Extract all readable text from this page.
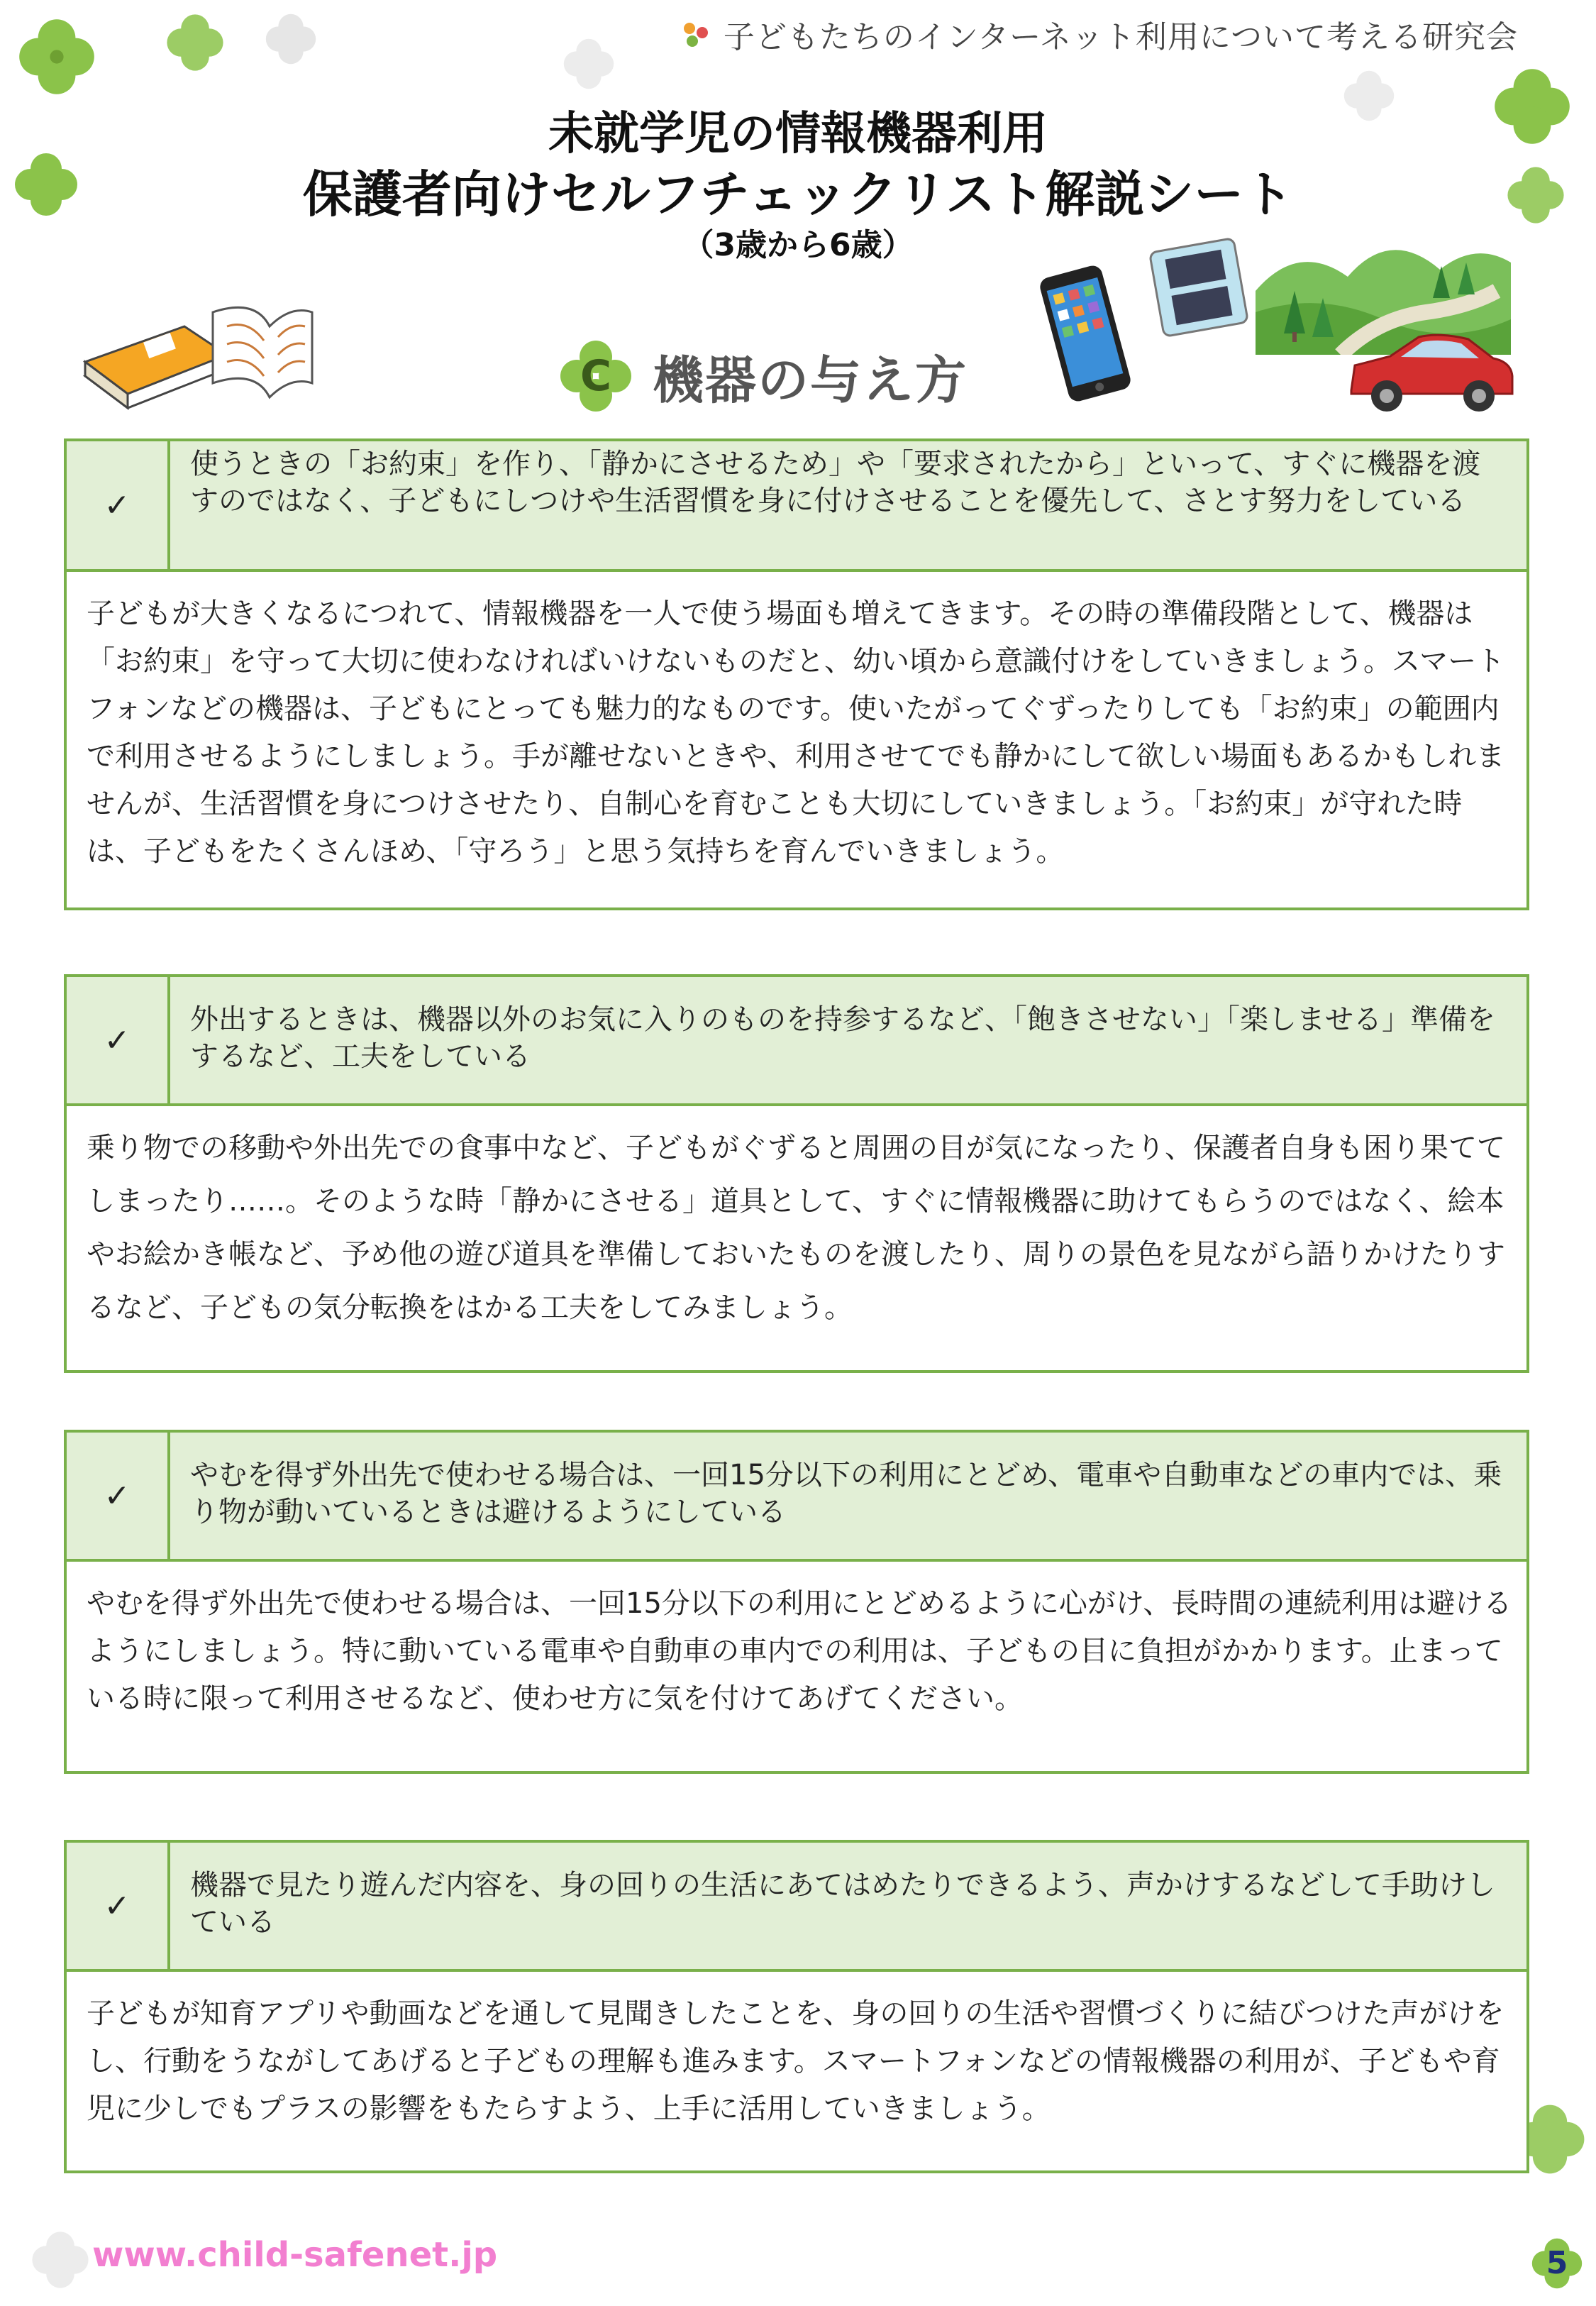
子どもたちのインターネット利用について考える研究会
未就学児の情報機器利用
保護者向けセルフチェックリスト解説シート
（3歳から6歳）
C 機器の与え方
✓
使うときの「お約束」を作り、「静かにさせるため」や「要求されたから」といって、すぐに機器を渡すのではなく、子どもにしつけや生活習慣を身に付けさせることを優先して、さとす努力をしている

子どもが大きくなるにつれて、情報機器を一人で使う場面も増えてきます。その時の準備段階として、機器は「お約束」を守って大切に使わなければいけないものだと、幼い頃から意識付けをしていきましょう。スマートフォンなどの機器は、子どもにとっても魅力的なものです。使いたがってぐずったりしても「お約束」の範囲内で利用させるようにしましょう。手が離せないときや、利用させてでも静かにして欲しい場面もあるかもしれませんが、生活習慣を身につけさせたり、自制心を育むことも大切にしていきましょう。「お約束」が守れた時は、子どもをたくさんほめ、「守ろう」と思う気持ちを育んでいきましょう。

✓
外出するときは、機器以外のお気に入りのものを持参するなど、「飽きさせない」「楽しませる」準備をするなど、工夫をしている

乗り物での移動や外出先での食事中など、子どもがぐずると周囲の目が気になったり、保護者自身も困り果ててしまったり……。そのような時「静かにさせる」道具として、すぐに情報機器に助けてもらうのではなく、絵本やお絵かき帳など、予め他の遊び道具を準備しておいたものを渡したり、周りの景色を見ながら語りかけたりするなど、子どもの気分転換をはかる工夫をしてみましょう。

✓
やむを得ず外出先で使わせる場合は、一回15分以下の利用にとどめ、電車や自動車などの車内では、乗り物が動いているときは避けるようにしている

やむを得ず外出先で使わせる場合は、一回15分以下の利用にとどめるように心がけ、長時間の連続利用は避けるようにしましょう。特に動いている電車や自動車の車内での利用は、子どもの目に負担がかかります。止まっている時に限って利用させるなど、使わせ方に気を付けてあげてください。

✓
機器で見たり遊んだ内容を、身の回りの生活にあてはめたりできるよう、声かけするなどして手助けしている

子どもが知育アプリや動画などを通して見聞きしたことを、身の回りの生活や習慣づくりに結びつけた声がけをし、行動をうながしてあげると子どもの理解も進みます。スマートフォンなどの情報機器の利用が、子どもや育児に少しでもプラスの影響をもたらすよう、上手に活用していきましょう。

www.child-safenet.jp	5
